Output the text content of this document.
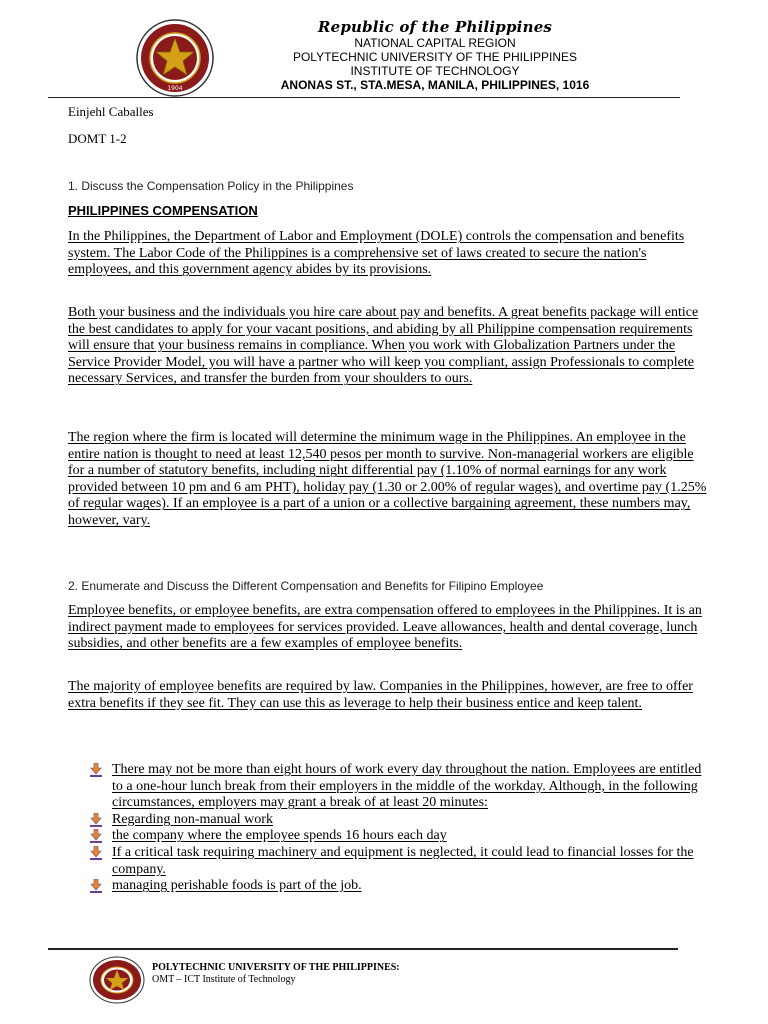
1904
Republic of the Philippines
NATIONAL CAPITAL REGION
POLYTECHNIC UNIVERSITY OF THE PHILIPPINES
INSTITUTE OF TECHNOLOGY
ANONAS ST., STA.MESA, MANILA, PHILIPPINES, 1016
Einjehl Caballes
DOMT 1-2
1. Discuss the Compensation Policy in the Philippines
PHILIPPINES COMPENSATION

In the Philippines, the Department of Labor and Employment (DOLE) controls the compensation and benefits system. The Labor Code of the Philippines is a comprehensive set of laws created to secure the nation's employees, and this government agency abides by its provisions.

Both your business and the individuals you hire care about pay and benefits. A great benefits package will entice the best candidates to apply for your vacant positions, and abiding by all Philippine compensation requirements will ensure that your business remains in compliance. When you work with Globalization Partners under the Service Provider Model, you will have a partner who will keep you compliant, assign Professionals to complete necessary Services, and transfer the burden from your shoulders to ours.

The region where the firm is located will determine the minimum wage in the Philippines. An employee in the entire nation is thought to need at least 12,540 pesos per month to survive. Non-managerial workers are eligible for a number of statutory benefits, including night differential pay (1.10% of normal earnings for any work provided between 10 pm and 6 am PHT), holiday pay (1.30 or 2.00% of regular wages), and overtime pay (1.25% of regular wages). If an employee is a part of a union or a collective bargaining agreement, these numbers may, however, vary.

2. Enumerate and Discuss the Different Compensation and Benefits for Filipino Employee

Employee benefits, or employee benefits, are extra compensation offered to employees in the Philippines. It is an indirect payment made to employees for services provided. Leave allowances, health and dental coverage, lunch subsidies, and other benefits are a few examples of employee benefits.

The majority of employee benefits are required by law. Companies in the Philippines, however, are free to offer extra benefits if they see fit. They can use this as leverage to help their business entice and keep talent.

There may not be more than eight hours of work every day throughout the nation. Employees are entitled to a one-hour lunch break from their employers in the middle of the workday. Although, in the following circumstances, employers may grant a break of at least 20 minutes:
Regarding non-manual work
the company where the employee spends 16 hours each day
If a critical task requiring machinery and equipment is neglected, it could lead to financial losses for the company.
managing perishable foods is part of the job.
POLYTECHNIC UNIVERSITY OF THE PHILIPPINES:
OMT – ICT Institute of Technology
